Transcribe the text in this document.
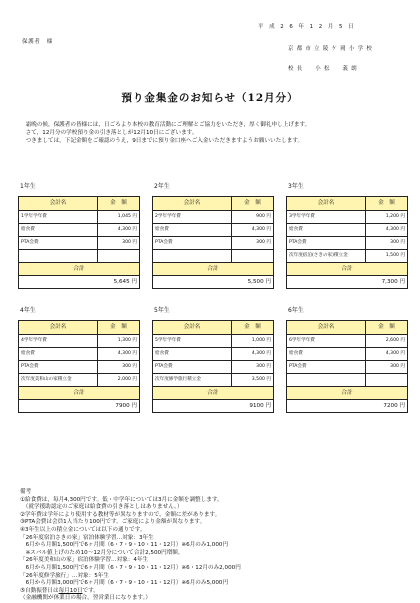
平 成 2 6 年 1 2 月 5 日
保護者　様
京 都 市 立 陵 ケ 岡 小 学 校
校 長　　小 松　　義 朗
預り金集金のお知らせ（12月分）

　霜晩の候，保護者の皆様には，日ごろより本校の教育活動にご理解とご協力をいただき，厚く御礼申し上げます。

　さて，12月分の学校預り金の引き落としが12月10日にございます。

　つきましては，下記金額をご確認のうえ，9日までに預り金口座へご入金いただきますようお願いいたします。

1年生
会計名	金　額
1学年学年費	1,045 円
給食費	4,300 円
PTA会費	300 円

合計	
5,645 円	
2年生
会計名	金　額
2学年学年費	900 円
給食費	4,300 円
PTA会費	300 円

合計	
5,500 円	
3年生
会計名	金　額
3学年学年費	1,200 円
給食費	4,300 円
PTA会費	300 円
次年度宿泊(さきの家)積立金	1,500 円
合計	
7,300 円	
4年生
会計名	金　額
4学年学年費	1,300 円
給食費	4,300 円
PTA会費	300 円
次年度美和山の家積立金	2,000 円
合計	
7900 円	
5年生
会計名	金　額
5学年学年費	1,000 円
給食費	4,300 円
PTA会費	300 円
次年度修学旅行積立金	3,500 円
合計	
9100 円	
6年生
会計名	金　額
6学年学年費	2,600 円
給食費	4,300 円
PTA会費	300 円

合計	
7200 円	
備考
①給食費は，毎月4,300円です。低・中学年については3月に金額を調整します。
　（就学援助認定のご家庭は給食費の引き落としはありません。）
②学年費は学年により使用する教材等が異なりますので，金額に差があります。
③PTA会費は会員1人当たり100円です。ご家庭により金額が異なります。
④3年生以上の積立金については以下の通りです。
「26年度宿泊さきの家」宿泊体験学習…対象：3年生
　6月から月額1,500円で6ヶ月間（6・7・9・10・11・12月）※6月のみ1,000円
　※スバル値上げのため10〜12月分について合計2,500円増額。
「26年度美和山の家」宿泊体験学習…対象：4年生
　6月から月額1,500円で6ヶ月間（6・7・9・10・11・12月）※6・12月のみ2,000円
「26年度修学旅行」…対象：5年生
　6月から月額3,000円で6ヶ月間（6・7・9・10・11・12月）※6月のみ5,000円
⑤自動振替日は毎月10日です。
（金融機関が休業日の場合，翌営業日になります。）
